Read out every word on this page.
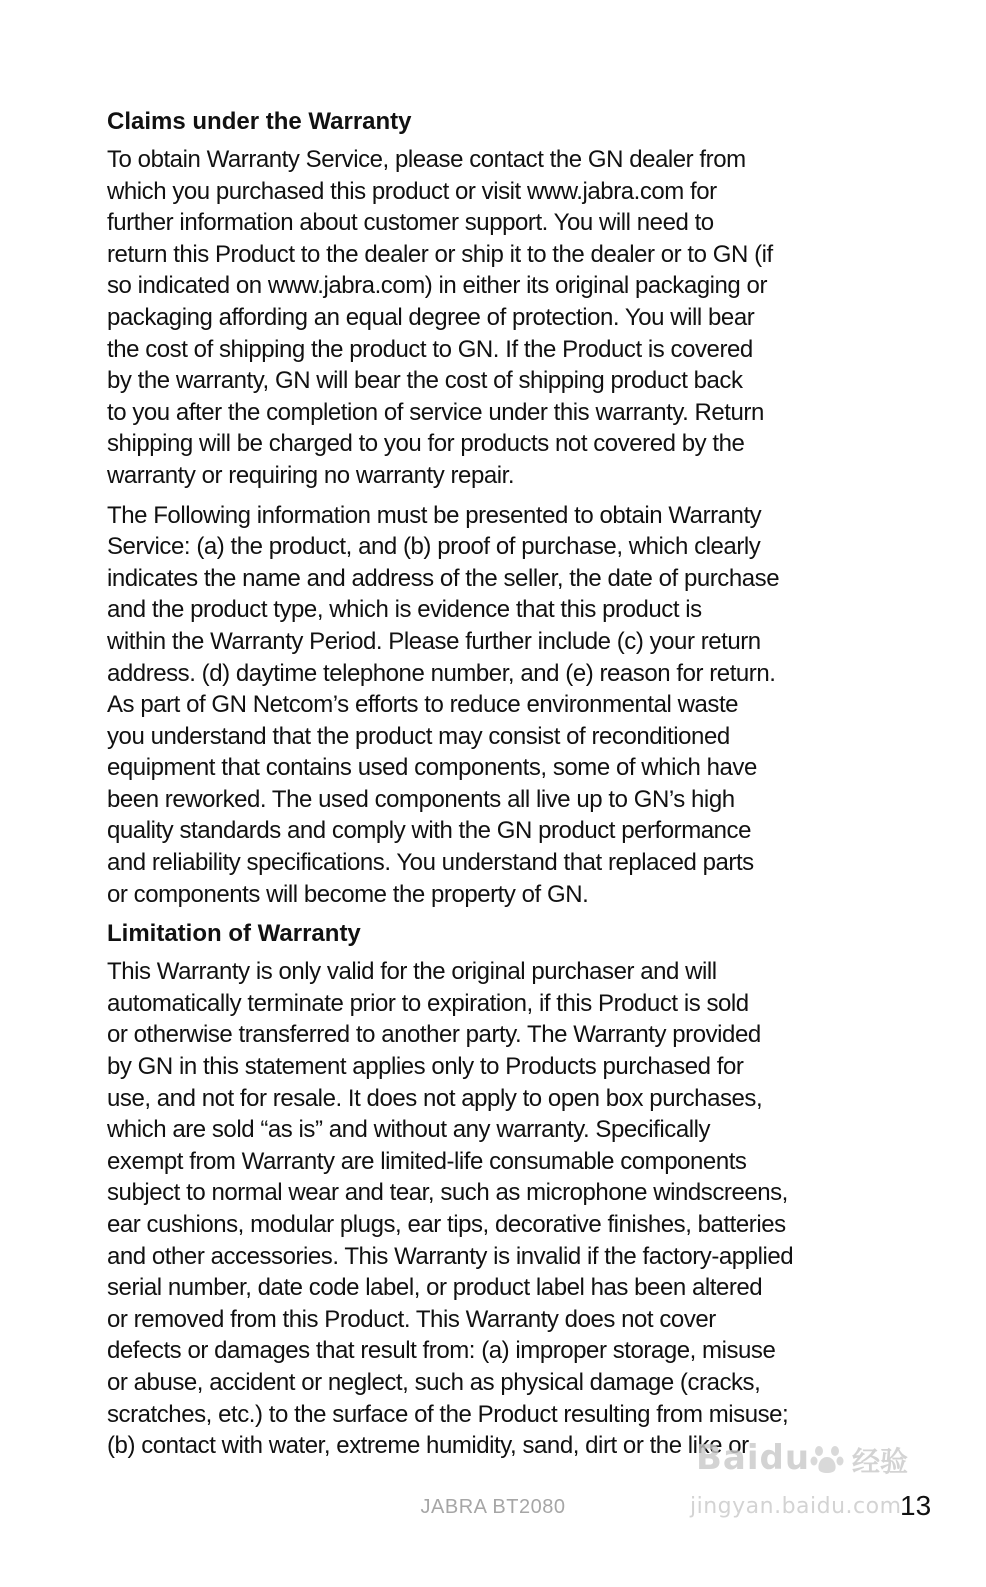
Claims under the Warranty

To obtain Warranty Service, please contact the GN dealer from
which you purchased this product or visit www.jabra.com for
further information about customer support. You will need to
return this Product to the dealer or ship it to the dealer or to GN (if
so indicated on www.jabra.com) in either its original packaging or
packaging affording an equal degree of protection. You will bear
the cost of shipping the product to GN. If the Product is covered
by the warranty, GN will bear the cost of shipping product back
to you after the completion of service under this warranty. Return
shipping will be charged to you for products not covered by the
warranty or requiring no warranty repair.

The Following information must be presented to obtain Warranty
Service: (a) the product, and (b) proof of purchase, which clearly
indicates the name and address of the seller, the date of purchase
and the product type, which is evidence that this product is
within the Warranty Period. Please further include (c) your return
address. (d) daytime telephone number, and (e) reason for return.
As part of GN Netcom’s efforts to reduce environmental waste
you understand that the product may consist of reconditioned
equipment that contains used components, some of which have
been reworked. The used components all live up to GN’s high
quality standards and comply with the GN product performance
and reliability specifications. You understand that replaced parts
or components will become the property of GN.

Limitation of Warranty

This Warranty is only valid for the original purchaser and will
automatically terminate prior to expiration, if this Product is sold
or otherwise transferred to another party. The Warranty provided
by GN in this statement applies only to Products purchased for
use, and not for resale. It does not apply to open box purchases,
which are sold “as is” and without any warranty. Specifically
exempt from Warranty are limited-life consumable components
subject to normal wear and tear, such as microphone windscreens,
ear cushions, modular plugs, ear tips, decorative finishes, batteries
and other accessories. This Warranty is invalid if the factory-applied
serial number, date code label, or product label has been altered
or removed from this Product. This Warranty does not cover
defects or damages that result from: (a) improper storage, misuse
or abuse, accident or neglect, such as physical damage (cracks,
scratches, etc.) to the surface of the Product resulting from misuse;
(b) contact with water, extreme humidity, sand, dirt or the like or

Baidu 经验
jingyan.baidu.com
JABRA BT2080	13
